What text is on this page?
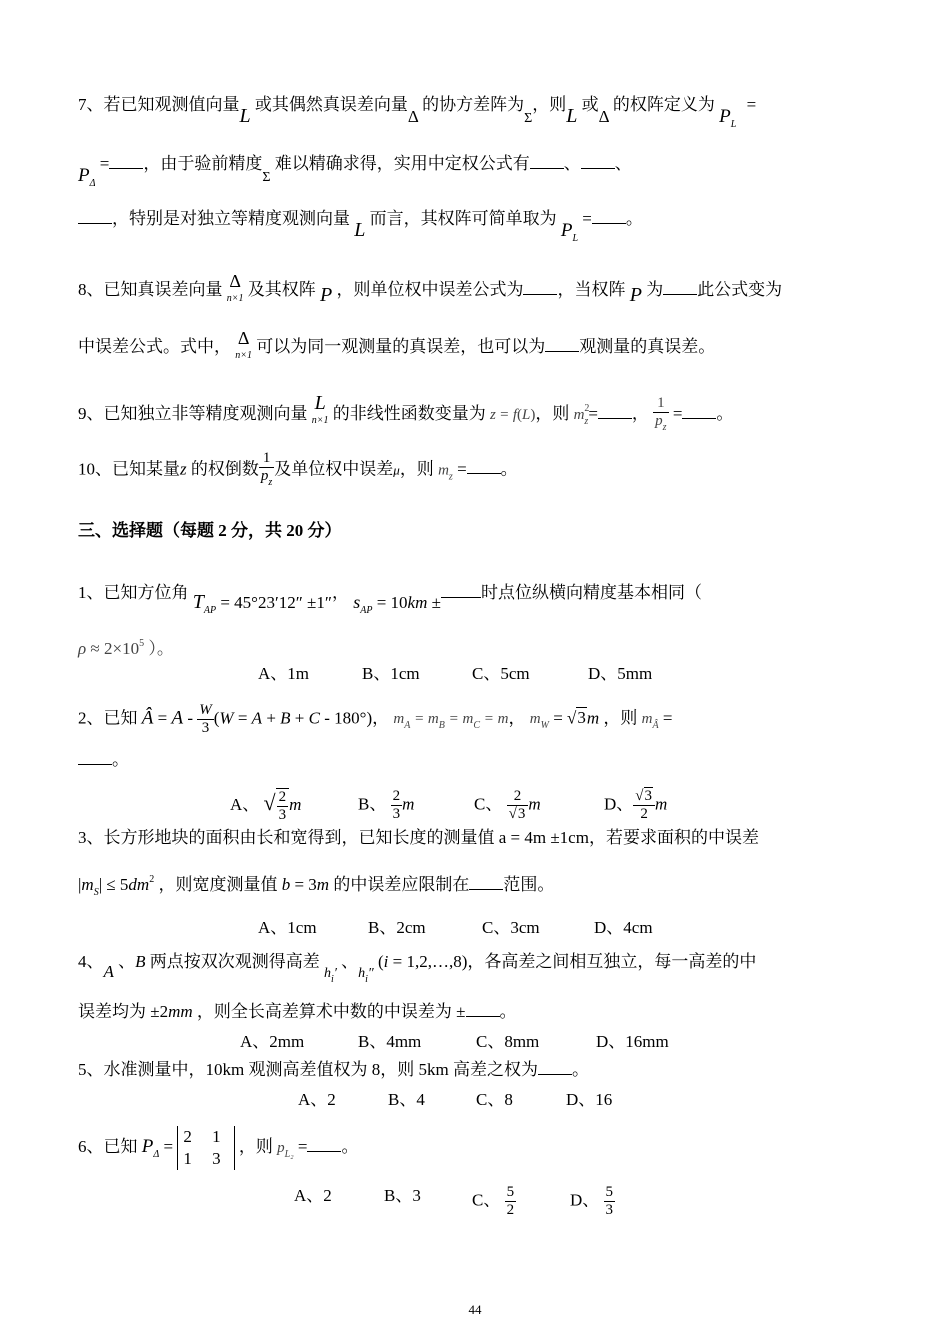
7、若已知观测值向量L 或其偶然真误差向量Δ 的协方差阵为$_\Sigma$，则L 或Δ 的权阵定义为 $P_L$ =
$P_\Delta$ = ，由于验前精度$_\Sigma$ 难以精确求得，实用中定权公式有 、 、
，特别是对独立等精度观测向量 L 而言，其权阵可简单取为 $P_L$ = 。
8、已知真误差向量 Δ
n×1 及其权阵 P ，则单位权中误差公式为 ，当权阵 P 为 此公式变为
中误差公式。式中， Δ
n×1 可以为同一观测量的真误差，也可以为 观测量的真误差。
9、已知独立非等精度观测向量 L
n×1 的非线性函数变量为 z = f(L)，则 $m^2_z=$ ， $\frac{1}{p_z}$ = 。
10、已知某量z 的权倒数 $\frac{1}{p_z}$ 及单位权中误差μ，则 $m_z$ = 。
三、选择题（每题 2 分，共 20 分）
1、已知方位角 $T_{AP} = 45^\circ 23'12'' \pm 1''$， $s_{AP} = 10km$ ±时点位纵横向精度基本相同（
$\rho \approx 2\times 10^5$ ）。
A、1m	B、1cm	C、5cm	D、5mm
2、已知 Â = $A - \frac{W}{3} (W = A + B + C - 180^\circ)$， $m_A = m_B = m_C = m$， $m_W = √3m$ ，则 $m_Â$ =
。
A、 √ $\frac{2}{3}$ m	B、 $\frac{2}{3}$ m	C、 $\frac{2}{√3}$ m	D、 $\frac{√3}{2}$ m
3、长方形地块的面积由长和宽得到，已知长度的测量值 a = 4m ±1cm，若要求面积的中误差
$|m_S| \le 5dm^2$ ，则宽度测量值 b = 3m 的中误差应限制在 范围。
A、1cm	B、2cm	C、3cm	D、4cm
4、A 、B 两点按双次观测得高差 $_{h_i'}$ 、$_{h_i''}$ (i = 1,2,…,8)，各高差之间相互独立，每一高差的中
误差均为 ±2mm ，则全长高差算术中数的中误差为 ± 。
A、2mm	B、4mm	C、8mm	D、16mm
5、水准测量中，10km 观测高差值权为 8，则 5km 高差之权为 。
A、2	B、4	C、8	D、16
6、已知 $P_\Delta = 2$ 1
1 3 ，则 $p_{L_2}$ = 。
A、2	B、3	C、 $\frac{5}{2}$	D、 $\frac{5}{3}$
44
